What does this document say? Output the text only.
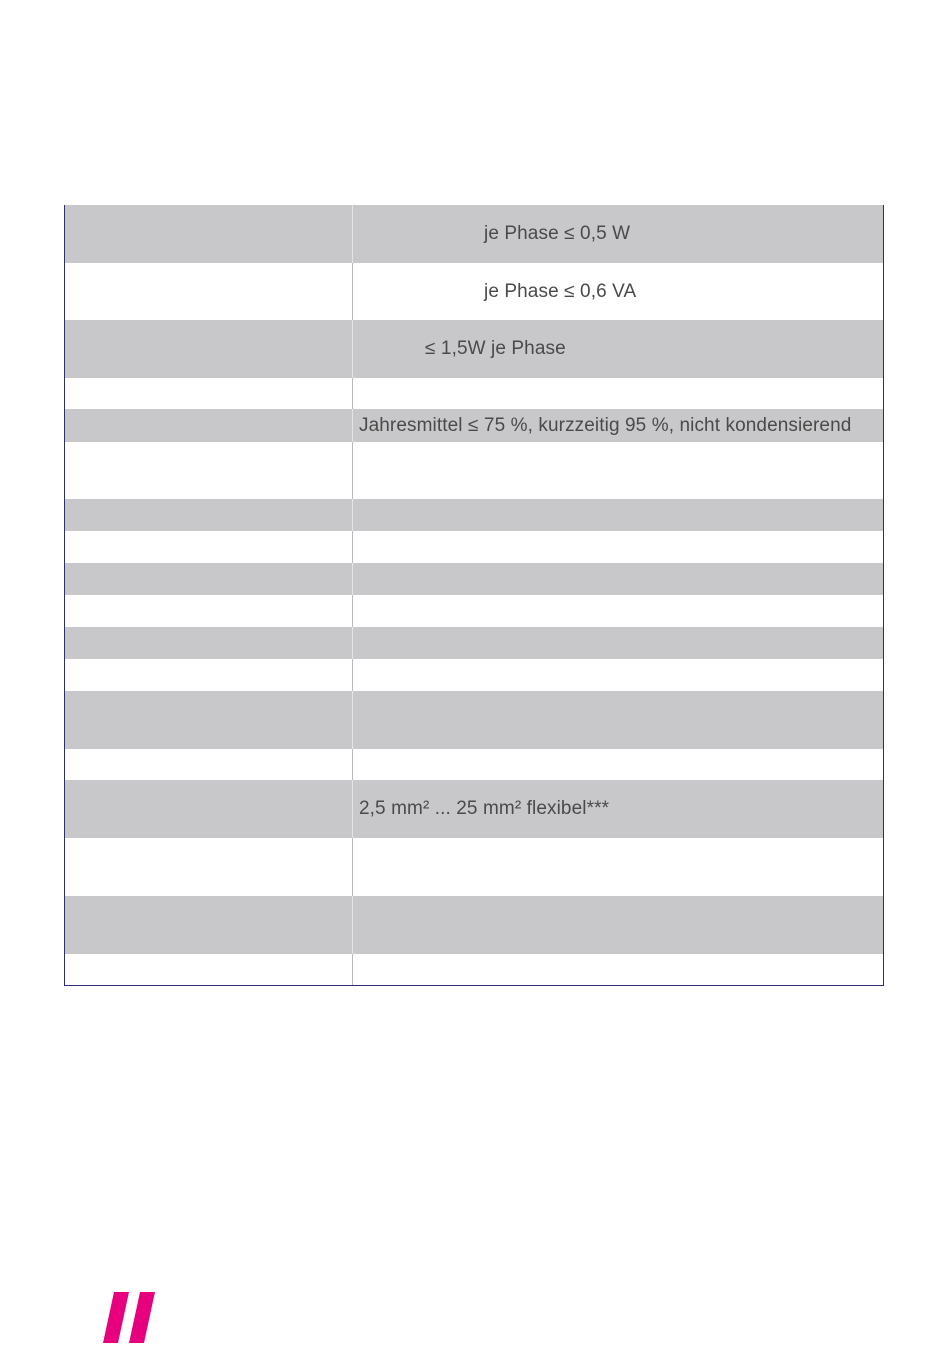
je Phase ≤ 0,5 W
je Phase ≤ 0,6 VA
≤ 1,5W je Phase
Jahresmittel ≤ 75 %, kurzzeitig 95 %, nicht kondensierend
2,5 mm² ... 25 mm² flexibel***
